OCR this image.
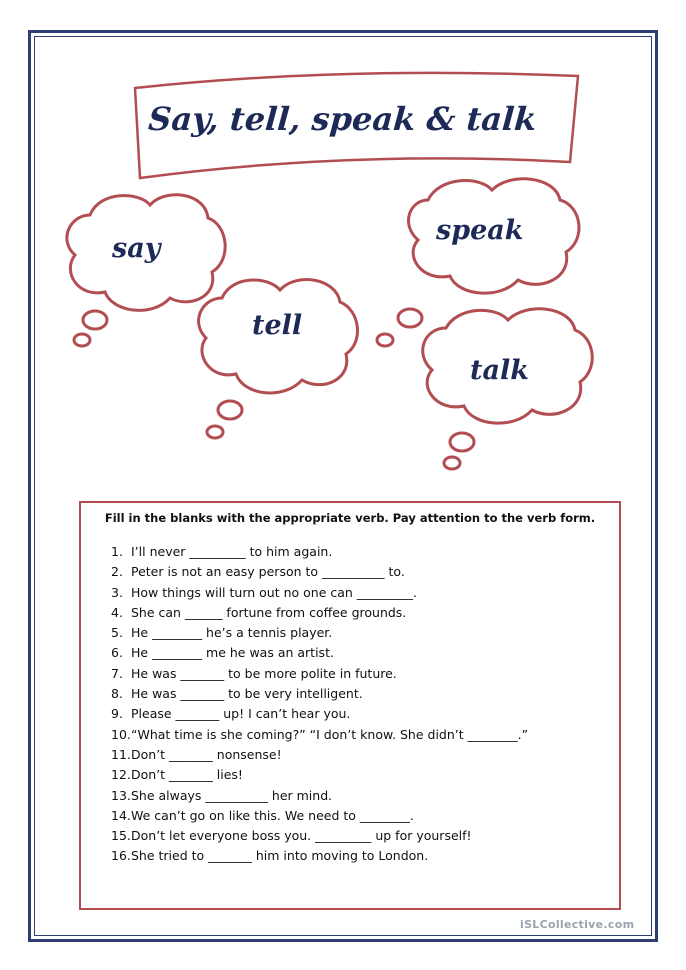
Say, tell, speak & talk
say
tell
speak
talk
Fill in the blanks with the appropriate verb. Pay attention to the verb form.
1. I’ll never _________ to him again.
2. Peter is not an easy person to __________ to.
3. How things will turn out no one can _________.
4. She can ______ fortune from coffee grounds.
5. He ________ he’s a tennis player.
6. He ________ me he was an artist.
7. He was _______ to be more polite in future.
8. He was _______ to be very intelligent.
9. Please _______ up! I can’t hear you.
10.“What time is she coming?” “I don’t know. She didn’t ________.”
11.Don’t _______ nonsense!
12.Don’t _______ lies!
13.She always __________ her mind.
14.We can’t go on like this. We need to ________.
15.Don’t let everyone boss you. _________ up for yourself!
16.She tried to _______ him into moving to London.
?
iSLCollective.com
